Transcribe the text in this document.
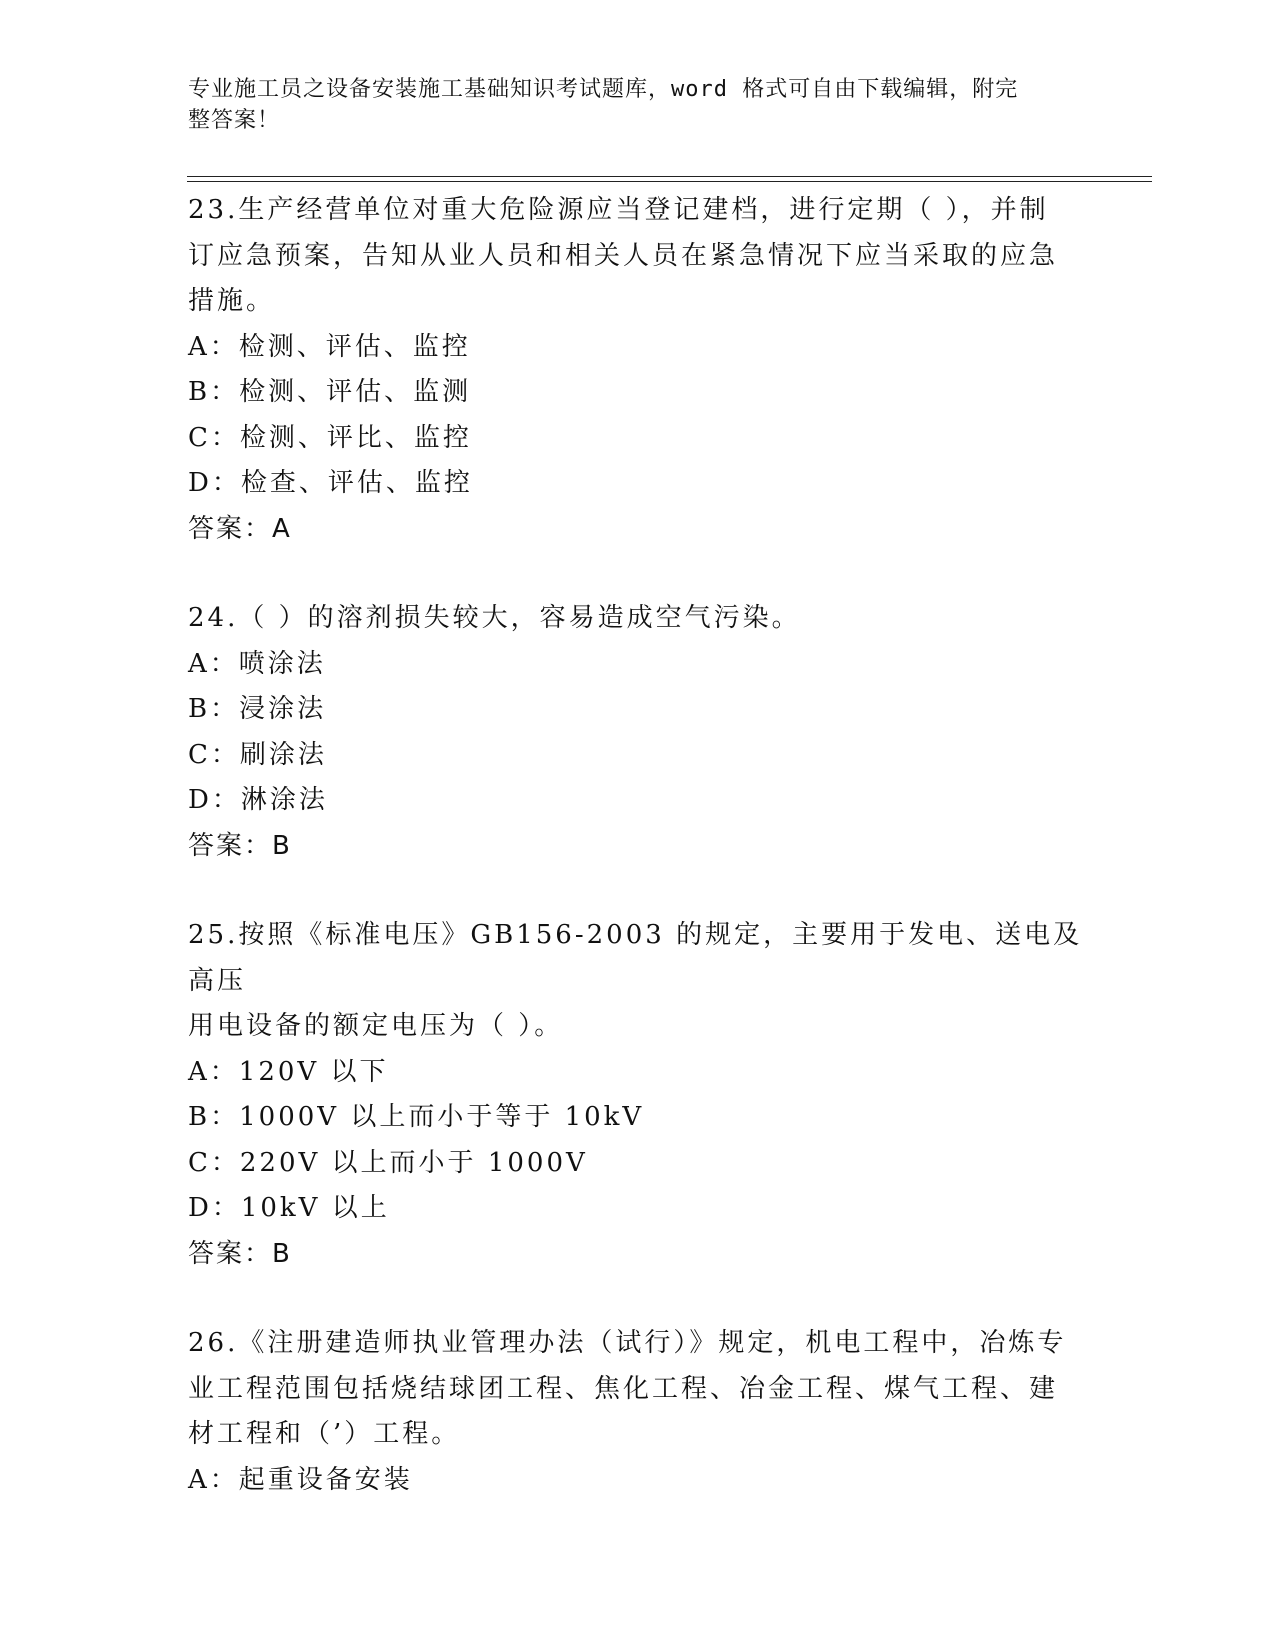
专业施工员之设备安装施工基础知识考试题库，word 格式可自由下载编辑，附完
整答案！
23.生产经营单位对重大危险源应当登记建档，进行定期（ ），并制
订应急预案，告知从业人员和相关人员在紧急情况下应当采取的应急
措施。
A：检测、评估、监控
B：检测、评估、监测
C：检测、评比、监控
D：检查、评估、监控
答案：A
24.（ ）的溶剂损失较大，容易造成空气污染。
A：喷涂法
B：浸涂法
C：刷涂法
D：淋涂法
答案：B
25.按照《标准电压》GB156-2003 的规定，主要用于发电、送电及高压
用电设备的额定电压为（ ）。
A：120V 以下
B：1000V 以上而小于等于 10kV
C：220V 以上而小于 1000V
D：10kV 以上
答案：B
26.《注册建造师执业管理办法（试行）》规定，机电工程中，冶炼专
业工程范围包括烧结球团工程、焦化工程、冶金工程、煤气工程、建
材工程和（’）工程。
A：起重设备安装
